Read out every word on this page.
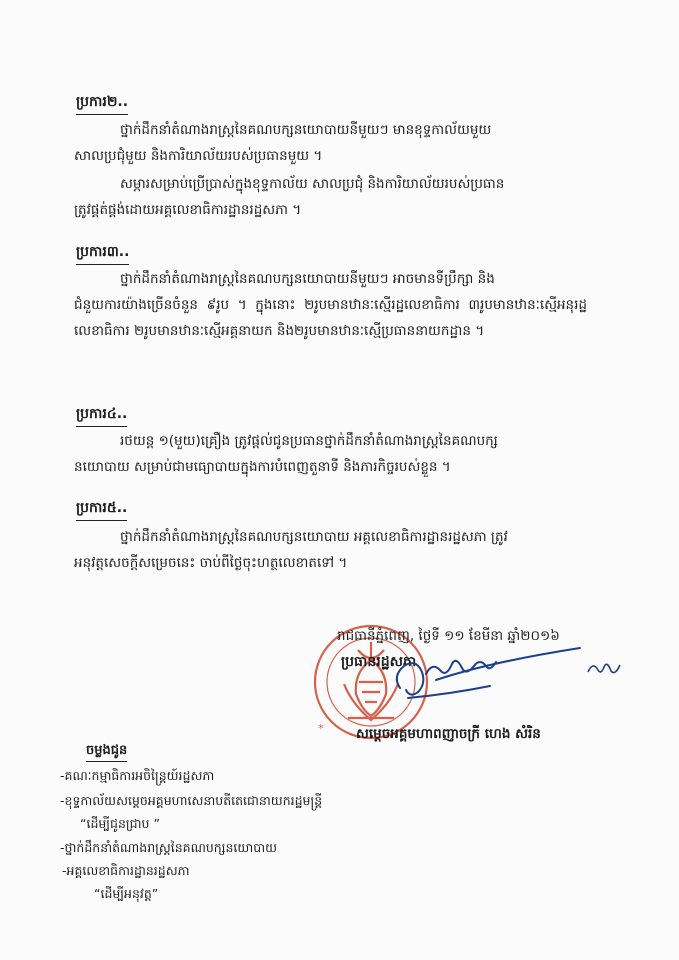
ប្រការ២..

ថ្នាក់ដឹកនាំតំណាងរាស្ត្រនៃគណបក្សនយោបាយនីមួយៗ មានខុទ្ទកាល័យមួយ
សាលប្រជុំមួយ និងការិយាល័យរបស់ប្រធានមួយ ។

សម្ភារសម្រាប់ប្រើប្រាស់ក្នុងខុទ្ទកាល័យ សាលប្រជុំ និងការិយាល័យរបស់ប្រធាន
ត្រូវផ្គត់ផ្គង់ដោយអគ្គលេខាធិការដ្ឋានរដ្ឋសភា ។

ប្រការ៣..

ថ្នាក់ដឹកនាំតំណាងរាស្ត្រនៃគណបក្សនយោបាយនីមួយៗ អាចមានទីប្រឹក្សា និង
ជំនួយការយ៉ាងច្រើនចំនួន ៩រូប ។ ក្នុងនោះ ២រូបមានឋានៈស្មើរដ្ឋលេខាធិការ ៣រូបមានឋានៈស្មើអនុរដ្ឋលេខាធិការ ២រូបមានឋានៈស្មើអគ្គនាយក និង២រូបមានឋានៈស្មើប្រធាននាយកដ្ឋាន ។

ប្រការ៤..

រថយន្ត ១(មួយ)គ្រឿង ត្រូវផ្តល់ជូនប្រធានថ្នាក់ដឹកនាំតំណាងរាស្ត្រនៃគណបក្ស
នយោបាយ សម្រាប់ជាមធ្យោបាយក្នុងការបំពេញតួនាទី និងភារកិច្ចរបស់ខ្លួន ។

ប្រការ៥..

ថ្នាក់ដឹកនាំតំណាងរាស្ត្រនៃគណបក្សនយោបាយ អគ្គលេខាធិការដ្ឋានរដ្ឋសភា ត្រូវ
អនុវត្តសេចក្តីសម្រេចនេះ ចាប់ពីថ្ងៃចុះហត្ថលេខាតទៅ ។

*
រាជធានីភ្នំពេញ, ថ្ងៃទី ១១ ខែមីនា ឆ្នាំ២០១៦
ប្រធានរដ្ឋសភា
សម្តេចអគ្គមហាពញាចក្រី ហេង សំរិន
ចម្លងជូន
-គណៈកម្មាធិការអចិន្ត្រៃយ៍រដ្ឋសភា
-ខុទ្ទកាល័យសម្តេចអគ្គមហាសេនាបតីតេជោនាយករដ្ឋមន្ត្រី
“ដើម្បីជូនជ្រាប ”
-ថ្នាក់ដឹកនាំតំណាងរាស្ត្រនៃគណបក្សនយោបាយ
-អគ្គលេខាធិការដ្ឋានរដ្ឋសភា
“ដើម្បីអនុវត្ត”
